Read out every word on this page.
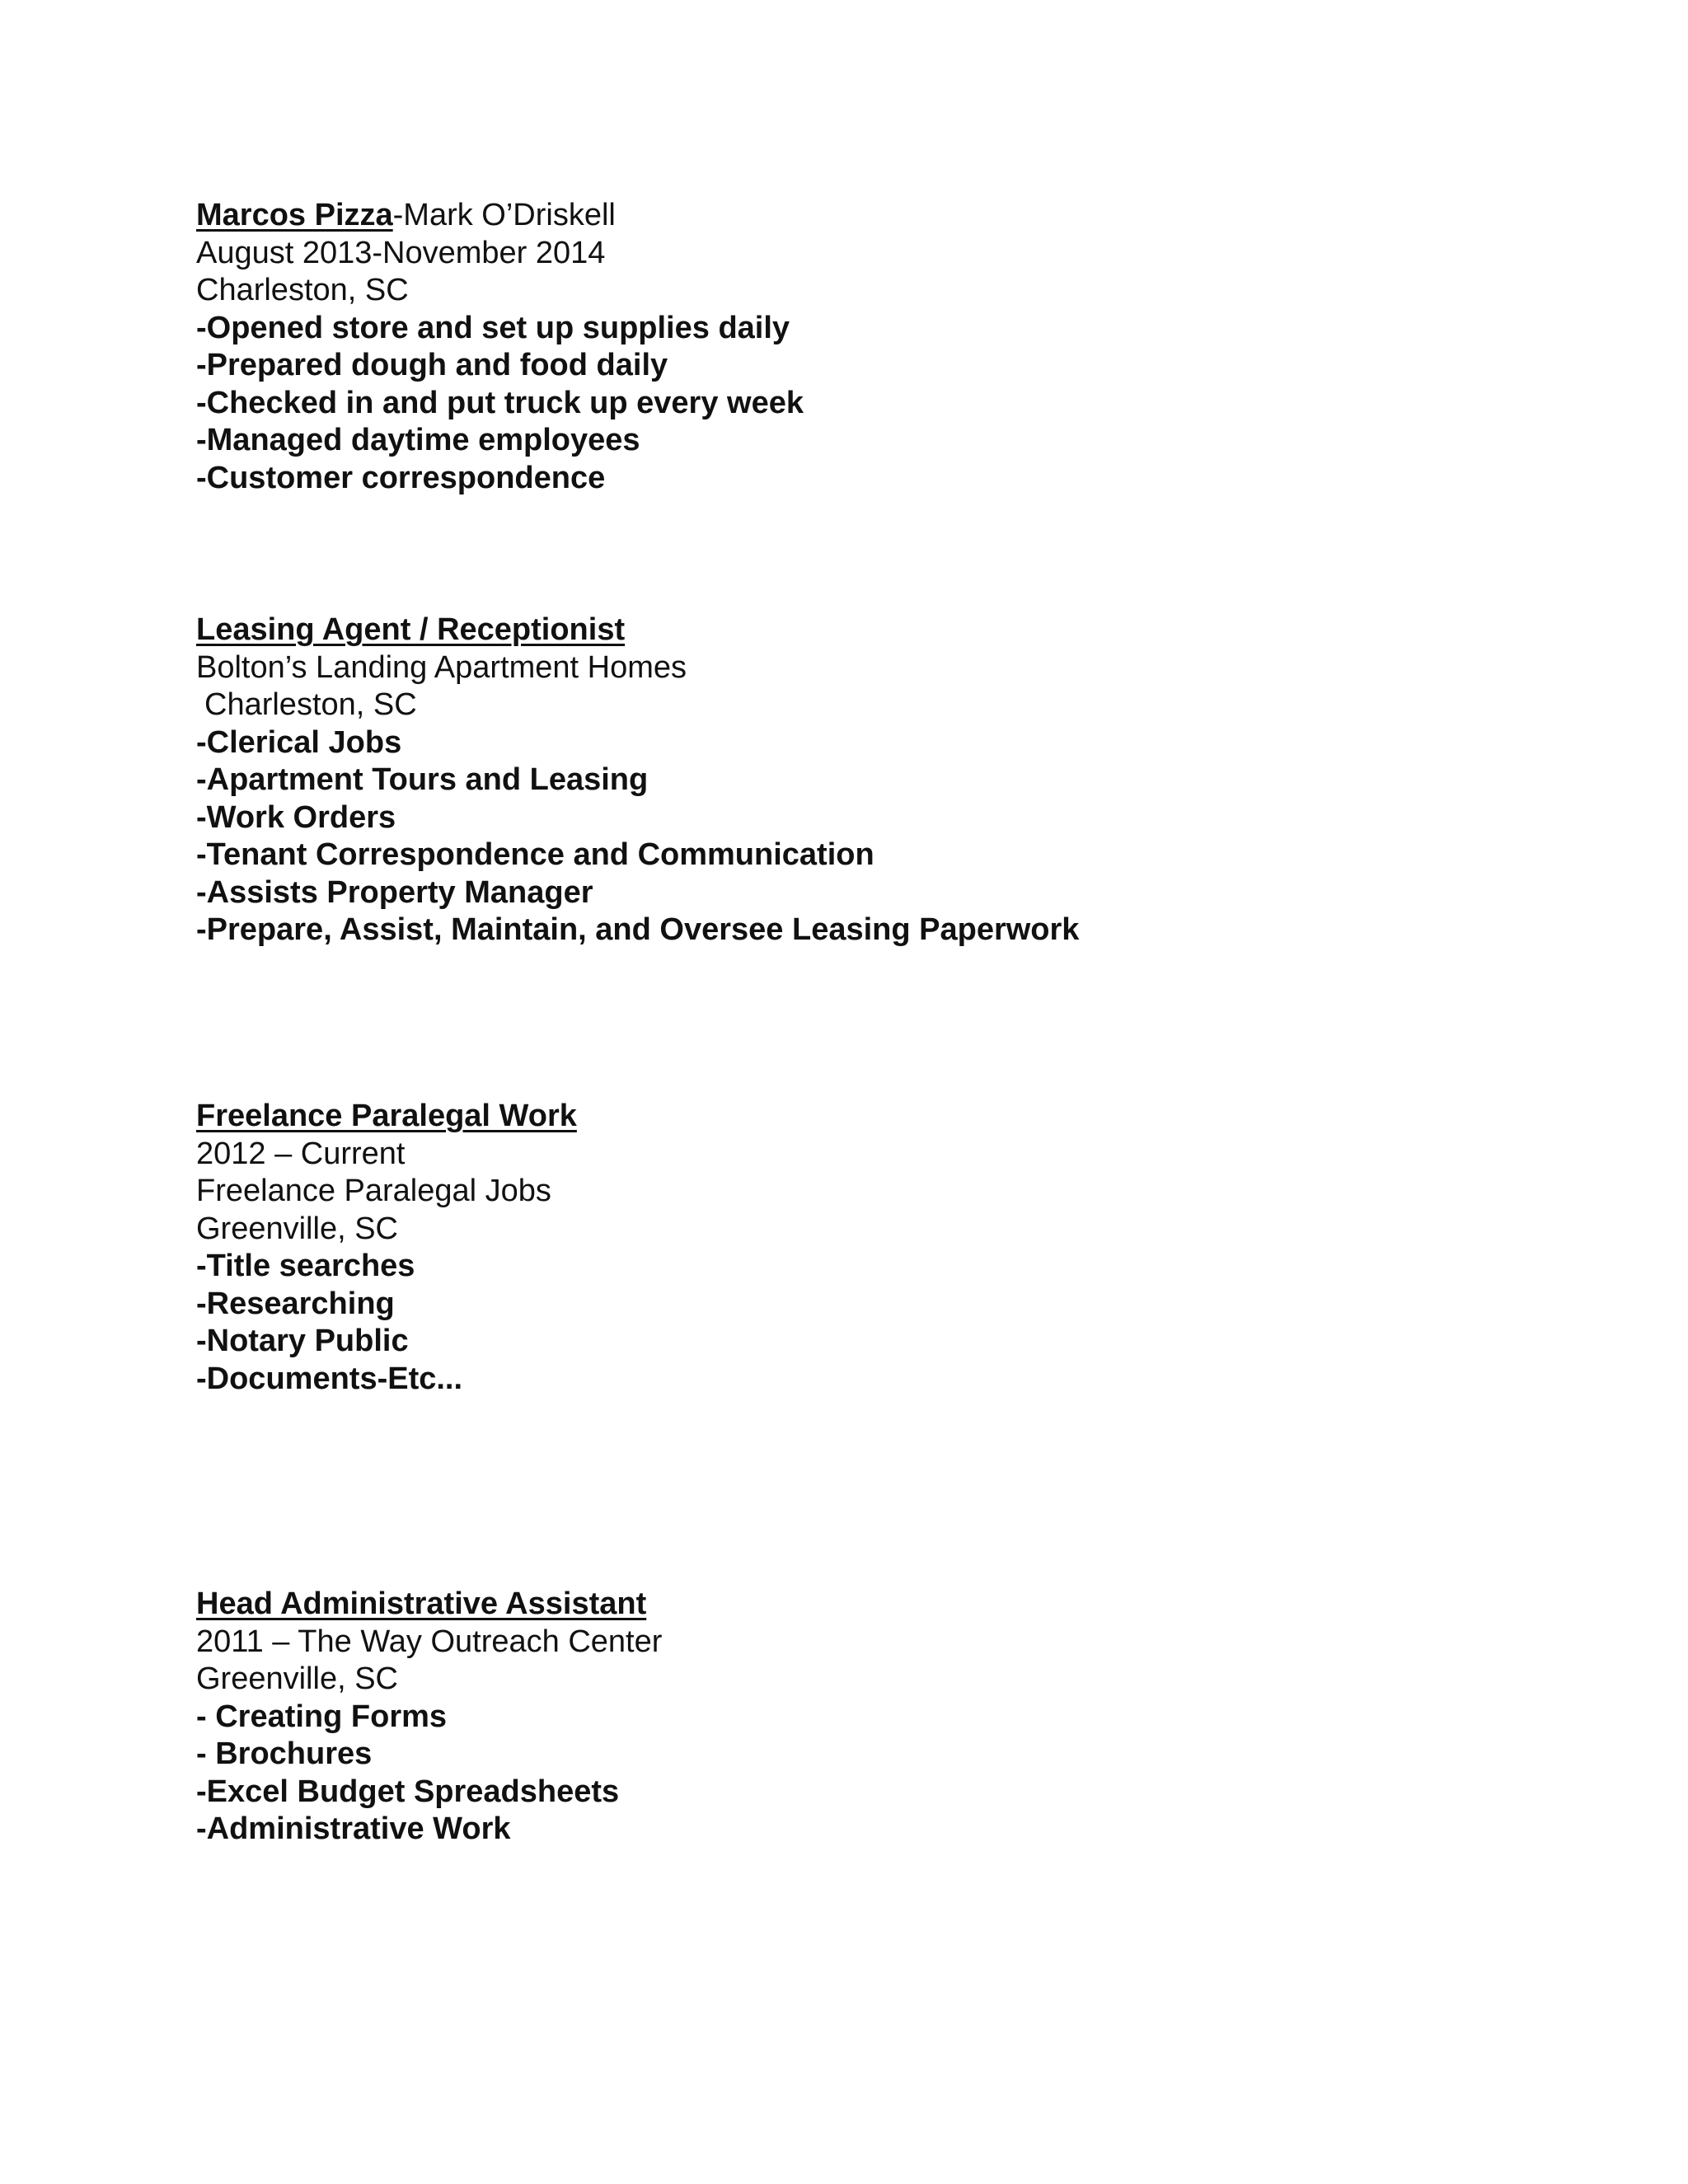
Marcos Pizza-Mark O’Driskell
August 2013-November 2014
Charleston, SC
-Opened store and set up supplies daily
-Prepared dough and food daily
-Checked in and put truck up every week
-Managed daytime employees
-Customer correspondence
Leasing Agent / Receptionist
Bolton’s Landing Apartment Homes
Charleston, SC
-Clerical Jobs
-Apartment Tours and Leasing
-Work Orders
-Tenant Correspondence and Communication
-Assists Property Manager
-Prepare, Assist, Maintain, and Oversee Leasing Paperwork
Freelance Paralegal Work
2012 – Current
Freelance Paralegal Jobs
Greenville, SC
-Title searches
-Researching
-Notary Public
-Documents-Etc...
Head Administrative Assistant
2011 – The Way Outreach Center
Greenville, SC
- Creating Forms
- Brochures
-Excel Budget Spreadsheets
-Administrative Work
